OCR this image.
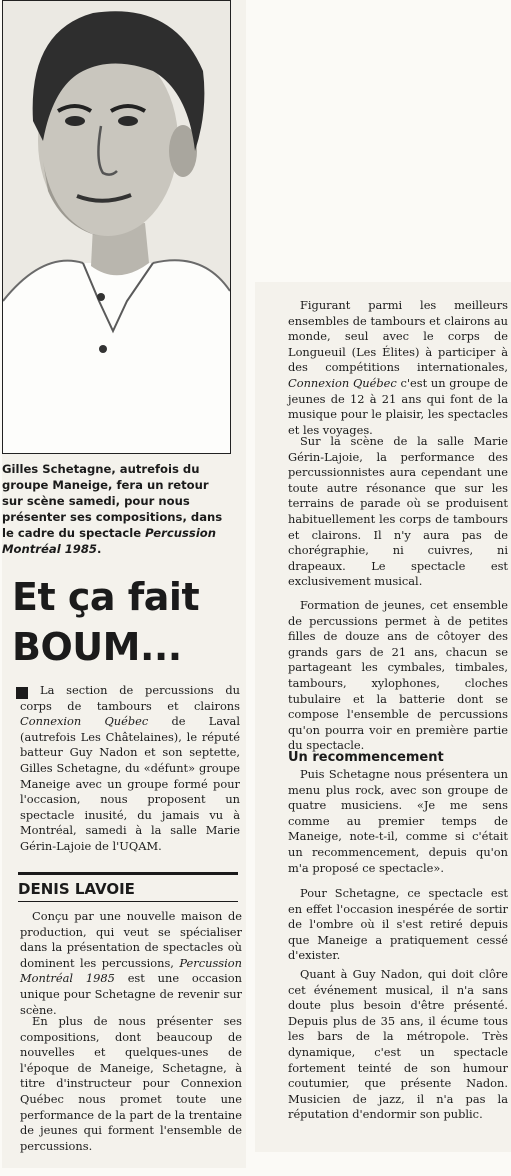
Gilles Schetagne, autrefois du groupe Maneige, fera un retour sur scène samedi, pour nous présenter ses compositions, dans le cadre du spectacle Percussion Montréal 1985.

Et ça fait
BOUM...

La section de percussions du corps de tambours et clairons Connexion Québec de Laval (autrefois Les Châtelaines), le réputé batteur Guy Nadon et son septette, Gilles Schetagne, du «défunt» groupe Maneige avec un groupe formé pour l'occasion, nous proposent un spectacle inusité, du jamais vu à Montréal, samedi à la salle Marie Gérin-Lajoie de l'UQAM.

DENIS LAVOIE

Conçu par une nouvelle maison de production, qui veut se spécialiser dans la présentation de spectacles où dominent les percussions, Percussion Montréal 1985 est une occasion unique pour Schetagne de revenir sur scène.

En plus de nous présenter ses compositions, dont beaucoup de nouvelles et quelques-unes de l'époque de Maneige, Schetagne, à titre d'instructeur pour Connexion Québec nous promet toute une performance de la part de la trentaine de jeunes qui forment l'ensemble de percussions.

Figurant parmi les meilleurs ensembles de tambours et clairons au monde, seul avec le corps de Longueuil (Les Élites) à participer à des compétitions internationales, Connexion Québec c'est un groupe de jeunes de 12 à 21 ans qui font de la musique pour le plaisir, les spectacles et les voyages.

Sur la scène de la salle Marie Gérin-Lajoie, la performance des percussionnistes aura cependant une toute autre résonance que sur les terrains de parade où se produisent habituellement les corps de tambours et clairons. Il n'y aura pas de chorégraphie, ni cuivres, ni drapeaux. Le spectacle est exclusivement musical.

Formation de jeunes, cet ensemble de percussions permet à de petites filles de douze ans de côtoyer des grands gars de 21 ans, chacun se partageant les cymbales, timbales, tambours, xylophones, cloches tubulaire et la batterie dont se compose l'ensemble de percussions qu'on pourra voir en première partie du spectacle.

Un recommencement

Puis Schetagne nous présentera un menu plus rock, avec son groupe de quatre musiciens. «Je me sens comme au premier temps de Maneige, note-t-il, comme si c'était un recommencement, depuis qu'on m'a proposé ce spectacle».

Pour Schetagne, ce spectacle est en effet l'occasion inespérée de sortir de l'ombre où il s'est retiré depuis que Maneige a pratiquement cessé d'exister.

Quant à Guy Nadon, qui doit clôre cet événement musical, il n'a sans doute plus besoin d'être présenté. Depuis plus de 35 ans, il écume tous les bars de la métropole. Très dynamique, c'est un spectacle fortement teinté de son humour coutumier, que présente Nadon. Musicien de jazz, il n'a pas la réputation d'endormir son public.
